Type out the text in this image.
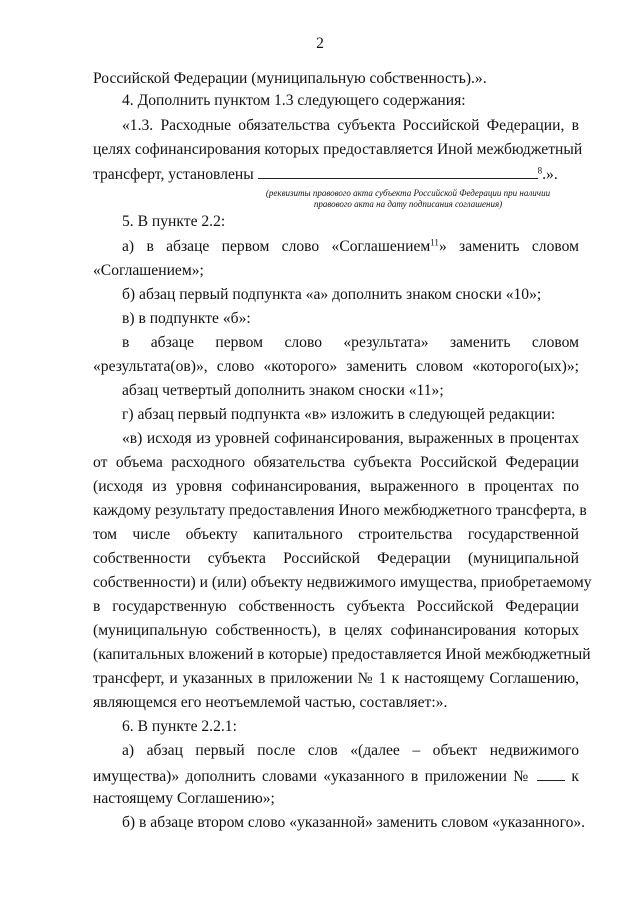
2
Российской Федерации (муниципальную собственность).».
4. Дополнить пунктом 1.3 следующего содержания:
«1.3. Расходные обязательства субъекта Российской Федерации, в
целях софинансирования которых предоставляется Иной межбюджетный
трансферт, установлены	$^8$.».
(реквизиты правового акта субъекта Российской Федерации при наличии
правового акта на дату подписания соглашения)
5. В пункте 2.2:
а) в абзаце первом слово «Соглашением$^{11}$» заменить словом
«Соглашением»;
б) абзац первый подпункта «а» дополнить знаком сноски «10»;
в) в подпункте «б»:
в абзаце первом слово «результата» заменить словом
«результата(ов)», слово «которого» заменить словом «которого(ых)»;
абзац четвертый дополнить знаком сноски «11»;
г) абзац первый подпункта «в» изложить в следующей редакции:
«в) исходя из уровней софинансирования, выраженных в процентах
от объема расходного обязательства субъекта Российской Федерации
(исходя из уровня софинансирования, выраженного в процентах по
каждому результату предоставления Иного межбюджетного трансферта, в
том числе объекту капитального строительства государственной
собственности субъекта Российской Федерации (муниципальной
собственности) и (или) объекту недвижимого имущества, приобретаемому
в государственную собственность субъекта Российской Федерации
(муниципальную собственность), в целях софинансирования которых
(капитальных вложений в которые) предоставляется Иной межбюджетный
трансферт, и указанных в приложении № 1 к настоящему Соглашению,
являющемся его неотъемлемой частью, составляет:».
6. В пункте 2.2.1:
а) абзац первый после слов «(далее – объект недвижимого
имущества)» дополнить словами «указанного в приложении №	к
настоящему Соглашению»;
б) в абзаце втором слово «указанной» заменить словом «указанного».
